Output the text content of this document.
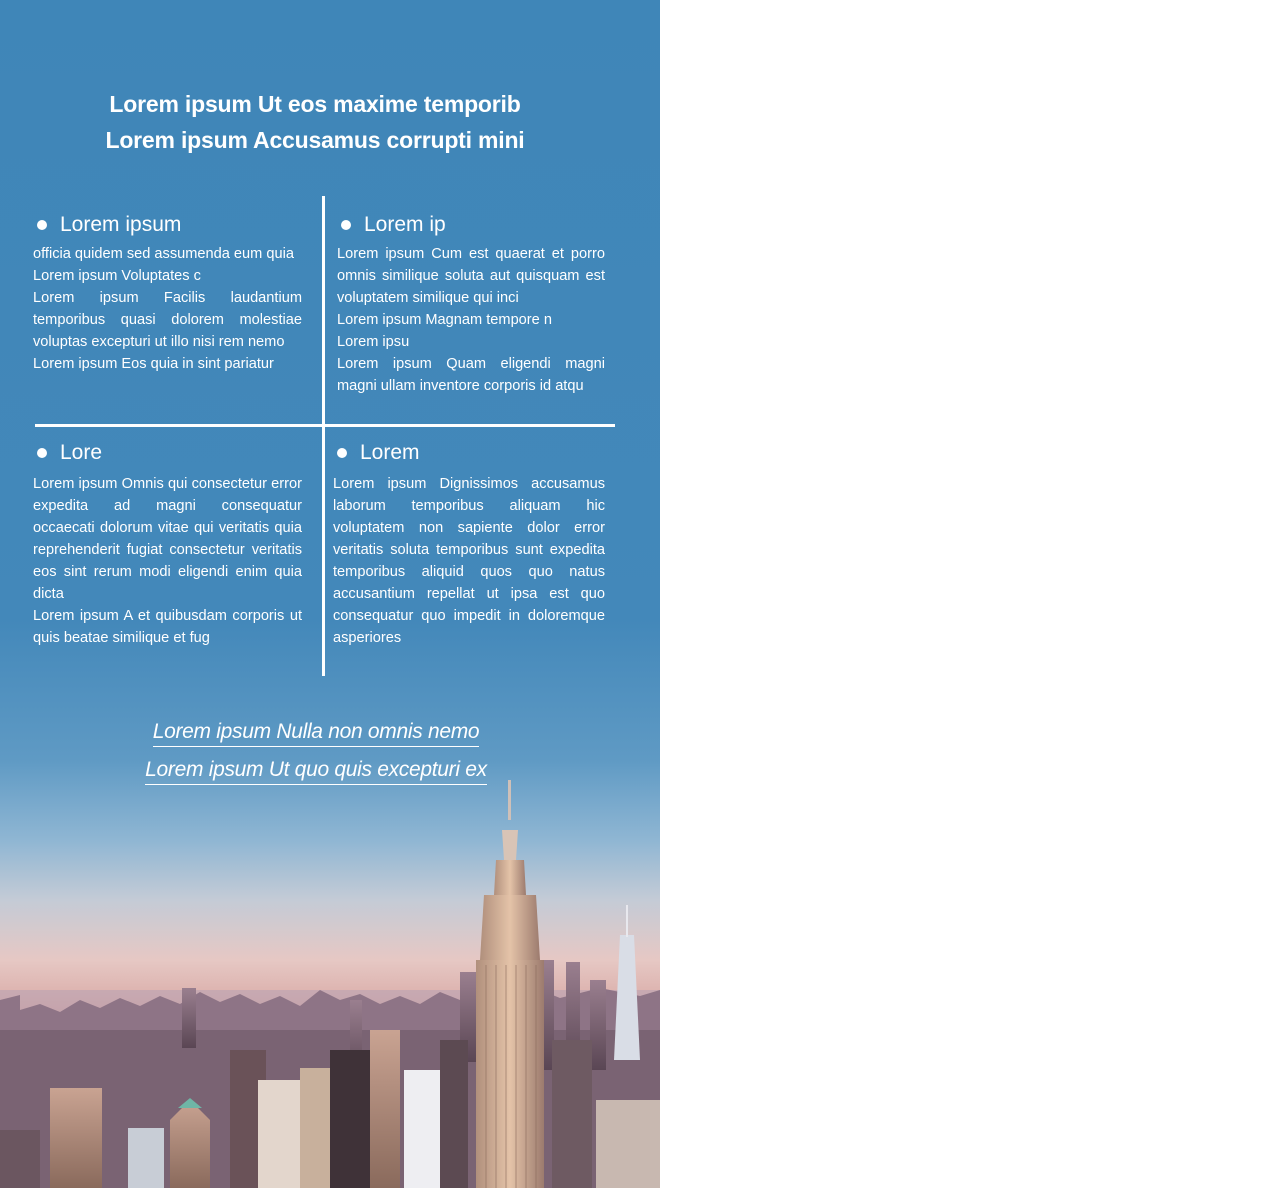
Lorem ipsum Ut eos maxime temporib
Lorem ipsum Accusamus corrupti mini
Lorem ipsum

officia quidem sed assumenda eum quia

Lorem ipsum Voluptates c

Lorem ipsum Facilis laudantium temporibus quasi dolorem molestiae voluptas excepturi ut illo nisi rem nemo

Lorem ipsum Eos quia in sint pariatur

Lorem ip

Lorem ipsum Cum est quaerat et porro omnis similique soluta aut quisquam est voluptatem similique qui inci

Lorem ipsum Magnam tempore n

Lorem ipsu

Lorem ipsum Quam eligendi magni magni ullam inventore corporis id atqu

Lore

Lorem ipsum Omnis qui consectetur error expedita ad magni consequatur occaecati dolorum vitae qui veritatis quia reprehenderit fugiat consectetur veritatis eos sint rerum modi eligendi enim quia dicta

Lorem ipsum A et quibusdam corporis ut quis beatae similique et fug

Lorem

Lorem ipsum Dignissimos accusamus laborum temporibus aliquam hic voluptatem non sapiente dolor error veritatis soluta temporibus sunt expedita temporibus aliquid quos quo natus accusantium repellat ut ipsa est quo consequatur quo impedit in doloremque asperiores

Lorem ipsum Nulla non omnis nemo
Lorem ipsum Ut quo quis excepturi ex
